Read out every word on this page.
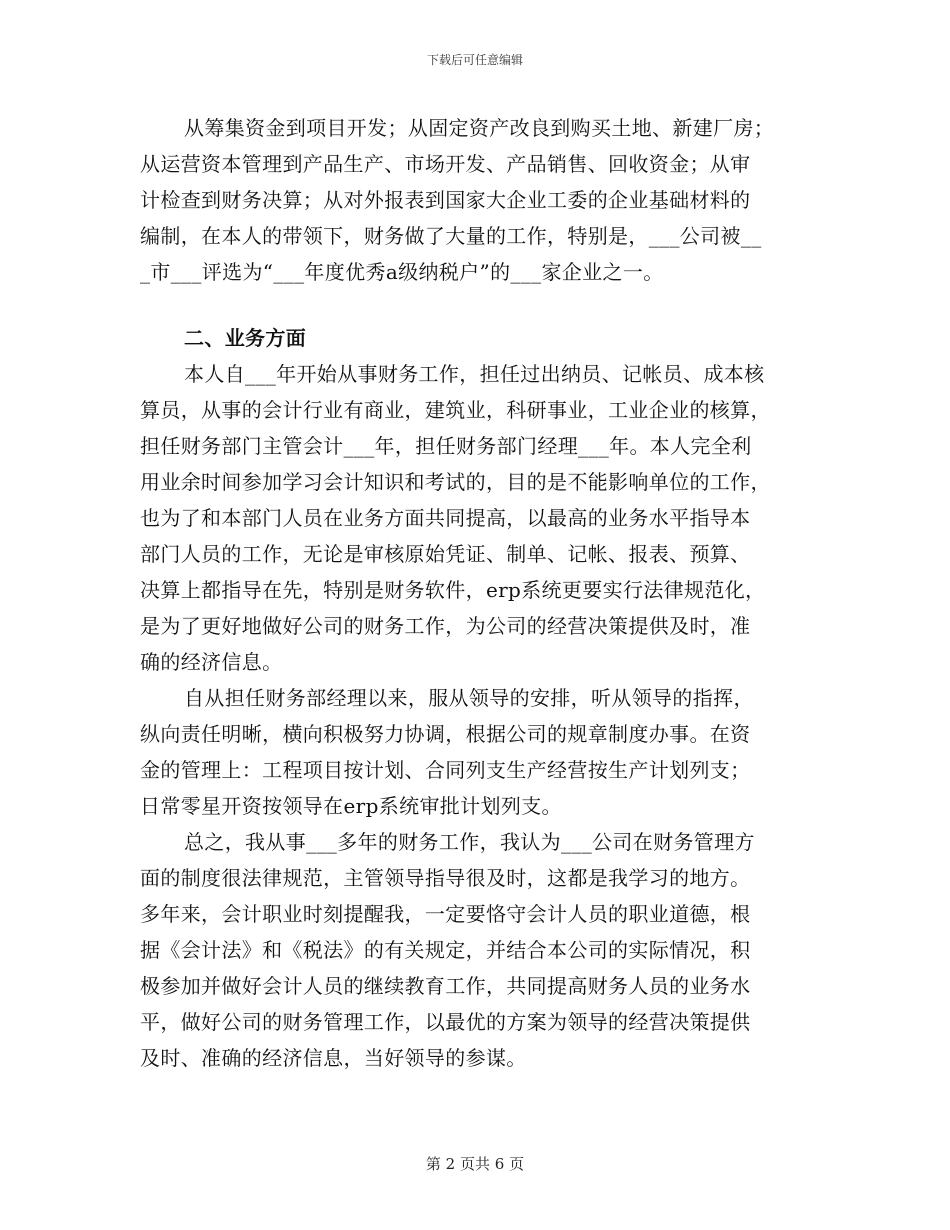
下载后可任意编辑
从筹集资金到项目开发；从固定资产改良到购买土地、新建厂房；
从运营资本管理到产品生产、市场开发、产品销售、回收资金；从审
计检查到财务决算；从对外报表到国家大企业工委的企业基础材料的
编制，在本人的带领下，财务做了大量的工作，特别是，___公司被__
_市___评选为“___年度优秀a级纳税户”的___家企业之一。
二、业务方面
本人自___年开始从事财务工作，担任过出纳员、记帐员、成本核
算员，从事的会计行业有商业，建筑业，科研事业，工业企业的核算，
担任财务部门主管会计___年，担任财务部门经理___年。本人完全利
用业余时间参加学习会计知识和考试的，目的是不能影响单位的工作，
也为了和本部门人员在业务方面共同提高，以最高的业务水平指导本
部门人员的工作，无论是审核原始凭证、制单、记帐、报表、预算、
决算上都指导在先，特别是财务软件，erp系统更要实行法律规范化，
是为了更好地做好公司的财务工作，为公司的经营决策提供及时，准
确的经济信息。
自从担任财务部经理以来，服从领导的安排，听从领导的指挥，
纵向责任明晰，横向积极努力协调，根据公司的规章制度办事。在资
金的管理上：工程项目按计划、合同列支生产经营按生产计划列支；
日常零星开资按领导在erp系统审批计划列支。
总之，我从事___多年的财务工作，我认为___公司在财务管理方
面的制度很法律规范，主管领导指导很及时，这都是我学习的地方。
多年来，会计职业时刻提醒我，一定要恪守会计人员的职业道德，根
据《会计法》和《税法》的有关规定，并结合本公司的实际情况，积
极参加并做好会计人员的继续教育工作，共同提高财务人员的业务水
平，做好公司的财务管理工作，以最优的方案为领导的经营决策提供
及时、准确的经济信息，当好领导的参谋。
第 2 页共 6 页
